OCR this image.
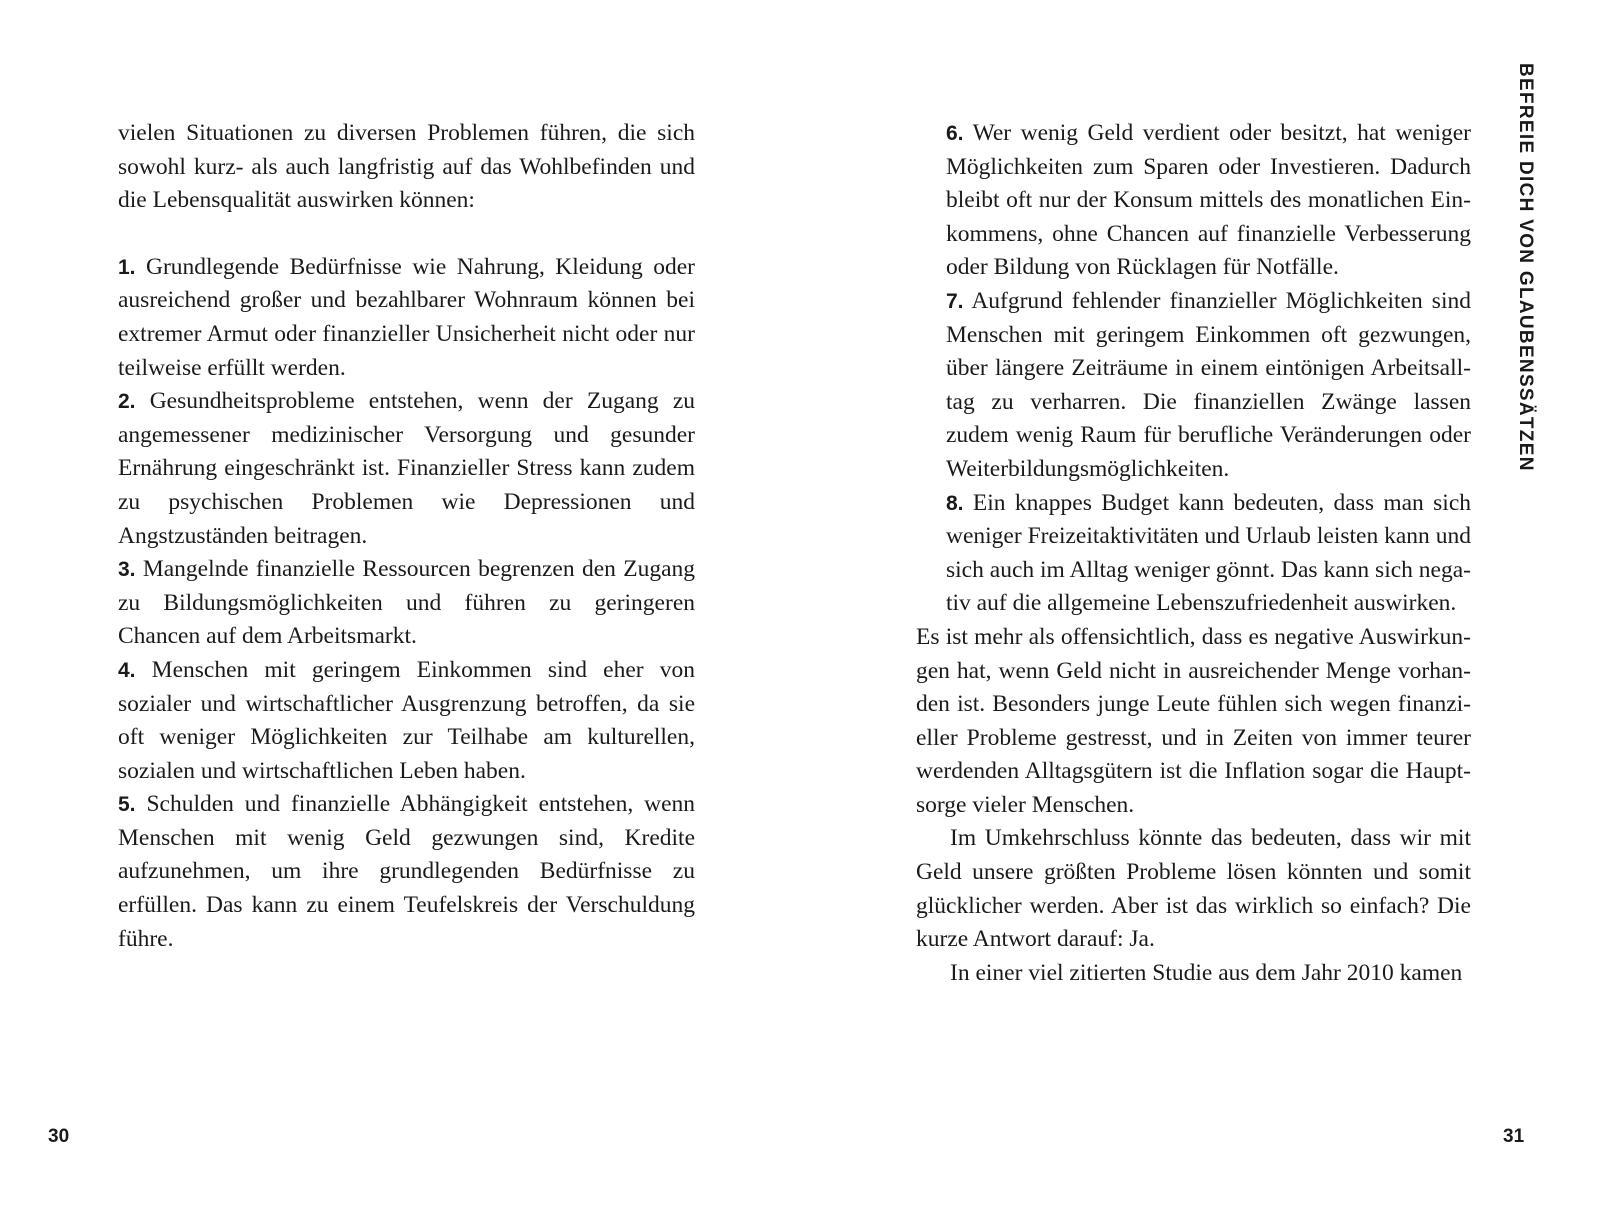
vielen Situationen zu diversen Problemen führen, die sich sowohl kurz- als auch langfristig auf das Wohlbefinden und die Lebensqualität auswirken können:

1. Grundlegende Bedürfnisse wie Nahrung, Kleidung oder ausreichend großer und bezahlbarer Wohnraum können bei extremer Armut oder finanzieller Unsicherheit nicht oder nur teilweise erfüllt werden.

2. Gesundheitsprobleme entstehen, wenn der Zugang zu angemessener medizinischer Versorgung und gesunder Ernährung eingeschränkt ist. Finanzieller Stress kann zudem zu psychischen Problemen wie Depressionen und Angstzuständen beitragen.

3. Mangelnde finanzielle Ressourcen begrenzen den Zugang zu Bildungsmöglichkeiten und führen zu geringeren Chancen auf dem Arbeitsmarkt.

4. Menschen mit geringem Einkommen sind eher von sozialer und wirtschaftlicher Ausgrenzung betroffen, da sie oft weniger Möglichkeiten zur Teilhabe am kulturellen, sozialen und wirtschaftlichen Leben haben.

5. Schulden und finanzielle Abhängigkeit entstehen, wenn Menschen mit wenig Geld gezwungen sind, Kredite aufzunehmen, um ihre grundlegenden Bedürfnisse zu erfüllen. Das kann zu einem Teufelskreis der Verschuldung führe.

30

6. Wer wenig Geld verdient oder besitzt, hat weniger Möglichkeiten zum Sparen oder Investieren. Dadurch bleibt oft nur der Konsum mittels des monatlichen Einkommens, ohne Chancen auf finanzielle Verbesserung oder Bildung von Rücklagen für Notfälle.

7. Aufgrund fehlender finanzieller Möglichkeiten sind Menschen mit geringem Einkommen oft gezwungen, über längere Zeiträume in einem eintönigen Arbeitsalltag zu verharren. Die finanziellen Zwänge lassen zudem wenig Raum für berufliche Veränderungen oder Weiterbildungsmöglichkeiten.

8. Ein knappes Budget kann bedeuten, dass man sich weniger Freizeitaktivitäten und Urlaub leisten kann und sich auch im Alltag weniger gönnt. Das kann sich negativ auf die allgemeine Lebenszufriedenheit auswirken.

Es ist mehr als offensichtlich, dass es negative Auswirkungen hat, wenn Geld nicht in ausreichender Menge vorhanden ist. Besonders junge Leute fühlen sich wegen finanzieller Probleme gestresst, und in Zeiten von immer teurer werdenden Alltagsgütern ist die Inflation sogar die Hauptsorge vieler Menschen.

Im Umkehrschluss könnte das bedeuten, dass wir mit Geld unsere größten Probleme lösen könnten und somit glücklicher werden. Aber ist das wirklich so einfach? Die kurze Antwort darauf: Ja.

In einer viel zitierten Studie aus dem Jahr 2010 kamen

31
BEFREIE DICH VON GLAUBENSSÄTZEN
